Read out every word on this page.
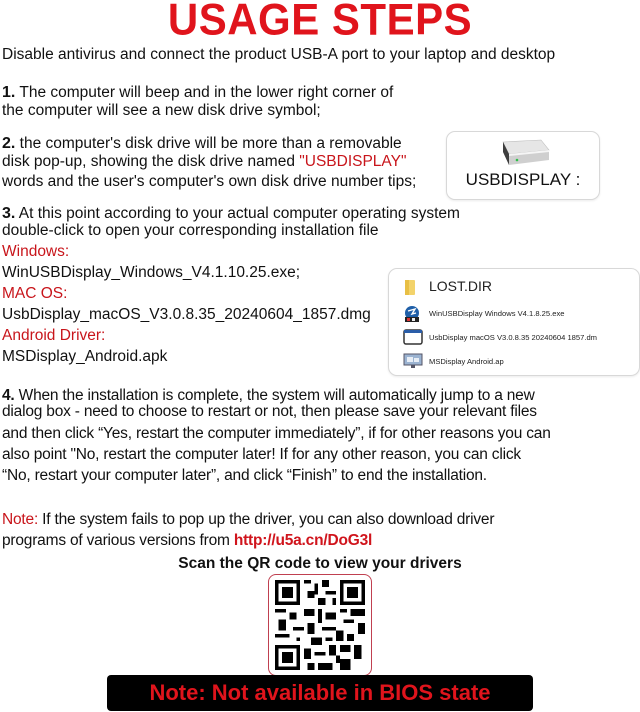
USAGE STEPS
Disable antivirus and connect the product USB-A port to your laptop and desktop
1. The computer will beep and in the lower right corner of
the computer will see a new disk drive symbol;
2. the computer's disk drive will be more than a removable
disk pop-up, showing the disk drive named "USBDISPLAY"
words and the user's computer's own disk drive number tips;	USBDISPLAY :
3. At this point according to your actual computer operating system
double-click to open your corresponding installation file
Windows:
WinUSBDisplay_Windows_V4.1.10.25.exe;
MAC OS:
UsbDisplay_macOS_V3.0.8.35_20240604_1857.dmg
Android Driver:
MSDisplay_Android.apk
LOST.DIR
WinUSBDisplay Windows V4.1.8.25.exe
UsbDisplay macOS V3.0.8.35 20240604 1857.dm
MSDisplay Android.ap
4. When the installation is complete, the system will automatically jump to a new
dialog box - need to choose to restart or not, then please save your relevant files
and then click “Yes, restart the computer immediately”, if for other reasons you can
also point "No, restart the computer later! If for any other reason, you can click
“No, restart your computer later”, and click “Finish” to end the installation.
Note: If the system fails to pop up the driver, you can also download driver
programs of various versions from http://u5a.cn/DoG3l
Scan the QR code to view your drivers
Note: Not available in BIOS state
